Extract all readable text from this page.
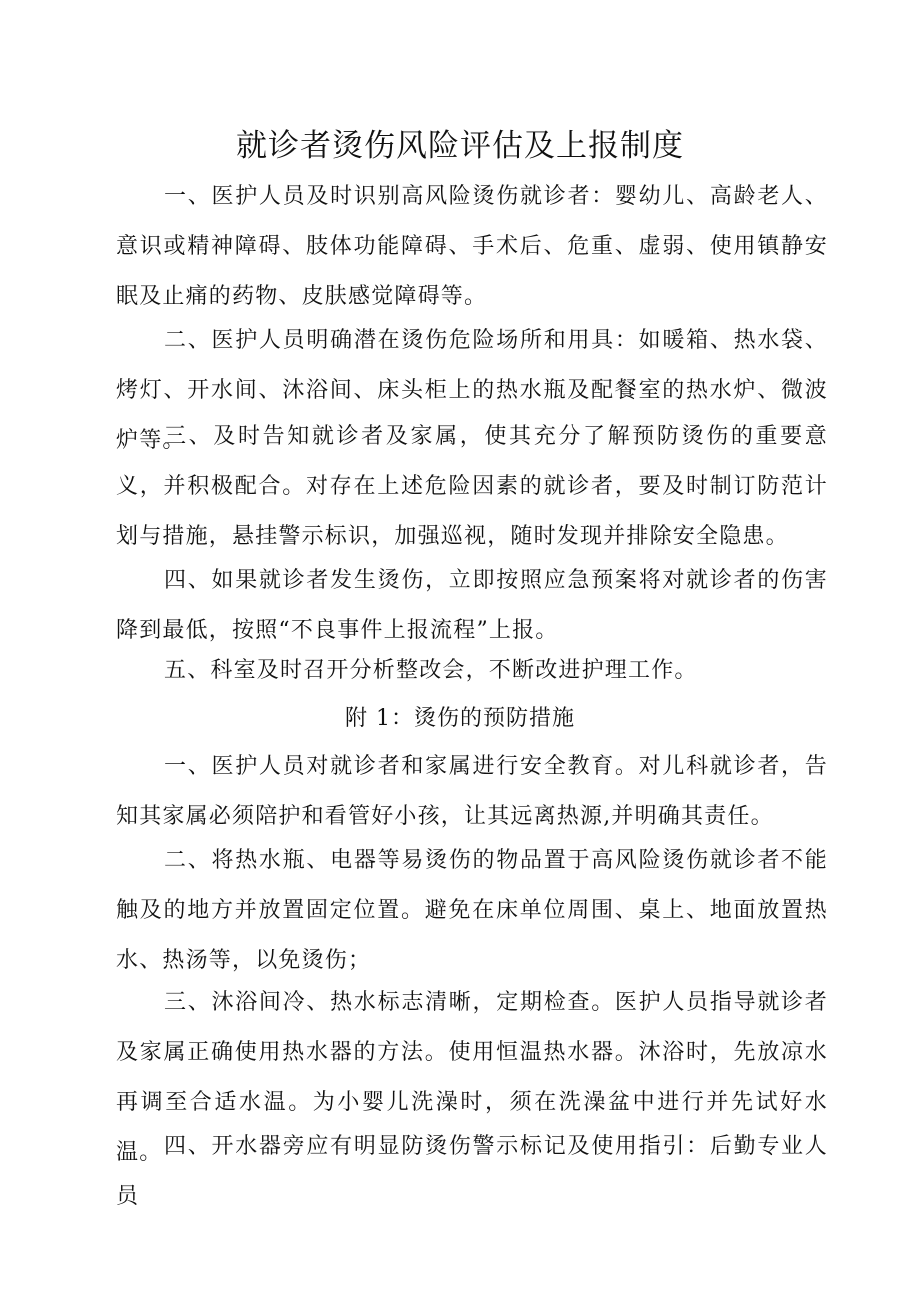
就诊者烫伤风险评估及上报制度

一、医护人员及时识别高风险烫伤就诊者：婴幼儿、高龄老人、意识或精神障碍、肢体功能障碍、手术后、危重、虚弱、使用镇静安眠及止痛的药物、皮肤感觉障碍等。

二、医护人员明确潜在烫伤危险场所和用具：如暖箱、热水袋、烤灯、开水间、沐浴间、床头柜上的热水瓶及配餐室的热水炉、微波炉等。

三、及时告知就诊者及家属，使其充分了解预防烫伤的重要意义，并积极配合。对存在上述危险因素的就诊者，要及时制订防范计划与措施，悬挂警示标识，加强巡视，随时发现并排除安全隐患。

四、如果就诊者发生烫伤，立即按照应急预案将对就诊者的伤害降到最低，按照“不良事件上报流程”上报。

五、科室及时召开分析整改会，不断改进护理工作。

附 1：烫伤的预防措施

一、医护人员对就诊者和家属进行安全教育。对儿科就诊者，告知其家属必须陪护和看管好小孩，让其远离热源,并明确其责任。

二、将热水瓶、电器等易烫伤的物品置于高风险烫伤就诊者不能触及的地方并放置固定位置。避免在床单位周围、桌上、地面放置热水、热汤等，以免烫伤；

三、沐浴间冷、热水标志清晰，定期检查。医护人员指导就诊者及家属正确使用热水器的方法。使用恒温热水器。沐浴时，先放凉水再调至合适水温。为小婴儿洗澡时，须在洗澡盆中进行并先试好水温。 四、开水器旁应有明显防烫伤警示标记及使用指引：后勤专业人员
